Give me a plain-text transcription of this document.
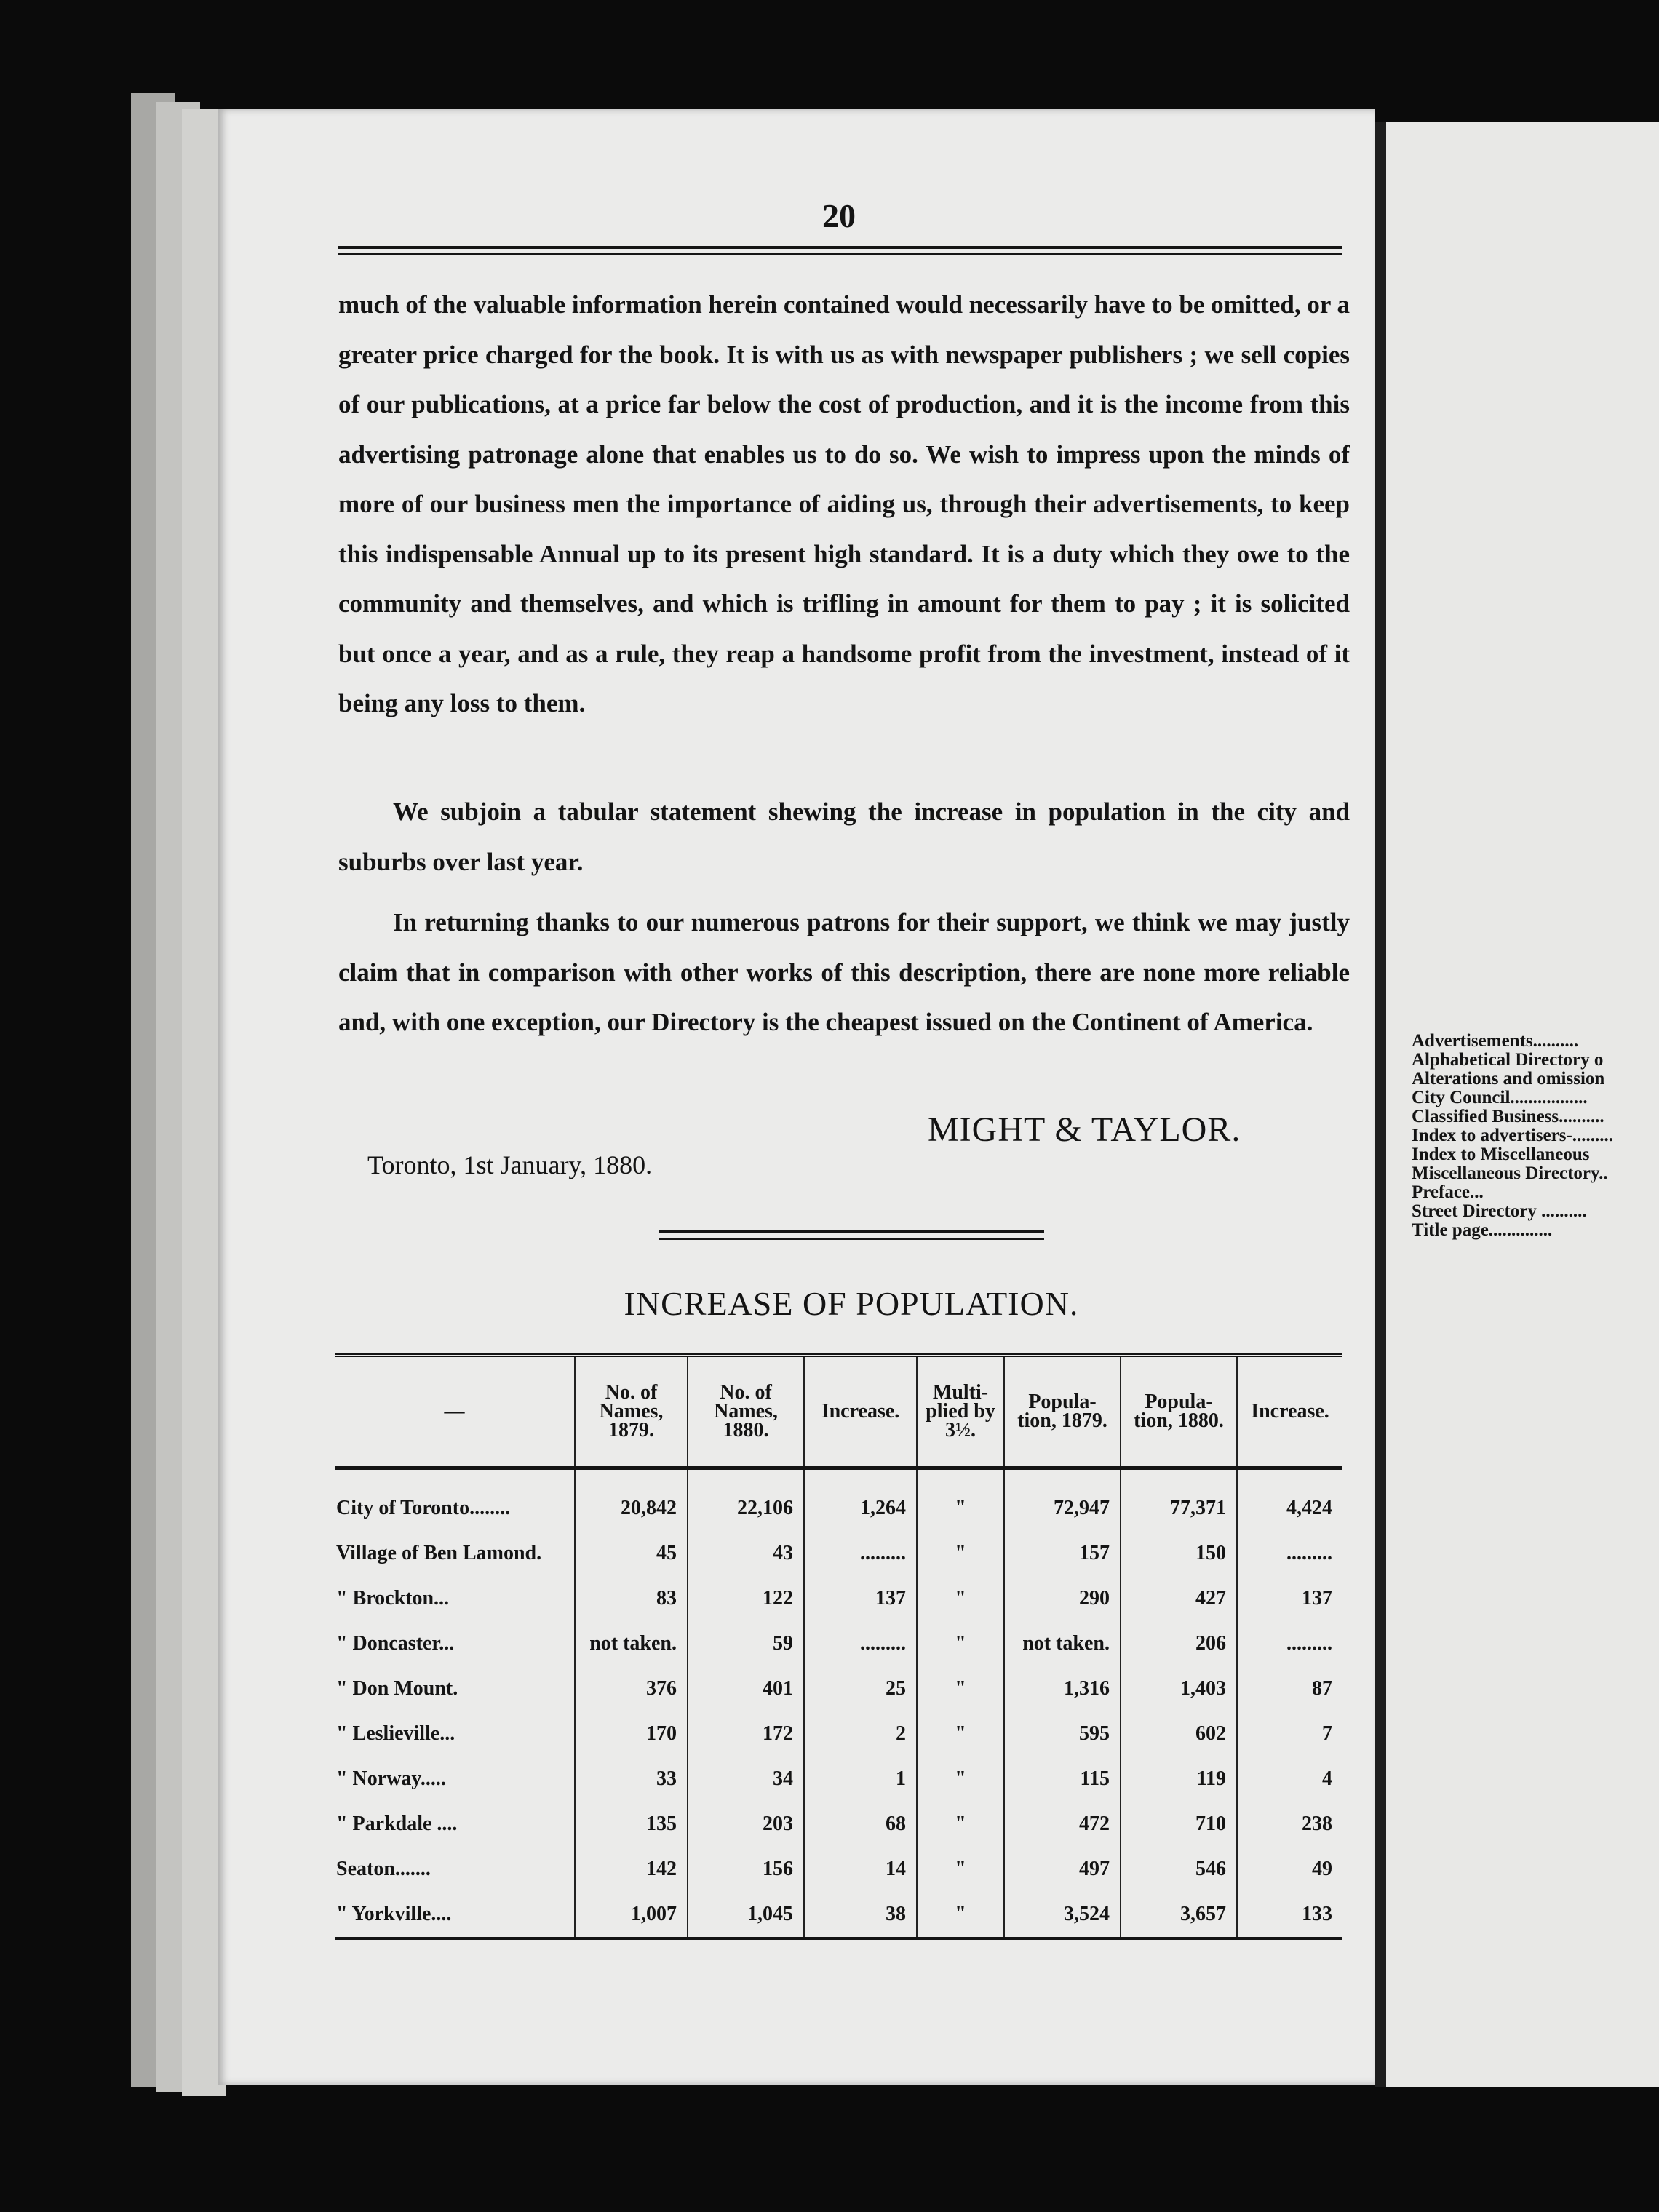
20

much of the valuable information herein contained would necessarily have to be omitted, or a greater price charged for the book. It is with us as with newspaper publishers ; we sell copies of our publications, at a price far below the cost of production, and it is the income from this advertising patronage alone that enables us to do so. We wish to impress upon the minds of more of our business men the importance of aiding us, through their advertisements, to keep this indispensable Annual up to its present high standard. It is a duty which they owe to the community and themselves, and which is trifling in amount for them to pay ; it is solicited but once a year, and as a rule, they reap a handsome profit from the investment, instead of it being any loss to them.

We subjoin a tabular statement shewing the increase in population in the city and suburbs over last year.

In returning thanks to our numerous patrons for their support, we think we may justly claim that in comparison with other works of this description, there are none more reliable and, with one exception, our Directory is the cheapest issued on the Continent of America.

MIGHT & TAYLOR.
Toronto, 1st January, 1880.
INCREASE OF POPULATION.
—	No. of Names, 1879.	No. of Names, 1880.	Increase.	Multi- plied by 3½.	Popula- tion, 1879.	Popula- tion, 1880.	Increase.
City of Toronto........	20,842	22,106	1,264	"	72,947	77,371	4,424
Village of Ben Lamond.	45	43	.........	"	157	150	.........
" Brockton...	83	122	137	"	290	427	137
" Doncaster...	not taken.	59	.........	"	not taken.	206	.........
" Don Mount.	376	401	25	"	1,316	1,403	87
" Leslieville...	170	172	2	"	595	602	7
" Norway.....	33	34	1	"	115	119	4
" Parkdale ....	135	203	68	"	472	710	238
Seaton.......	142	156	14	"	497	546	49
" Yorkville....	1,007	1,045	38	"	3,524	3,657	133
Advertisements..........
Alphabetical Directory o
Alterations and omission
City Council.................
Classified Business..........
Index to advertisers-.........
Index to Miscellaneous
Miscellaneous Directory..
Preface...
Street Directory ..........
Title page..............
